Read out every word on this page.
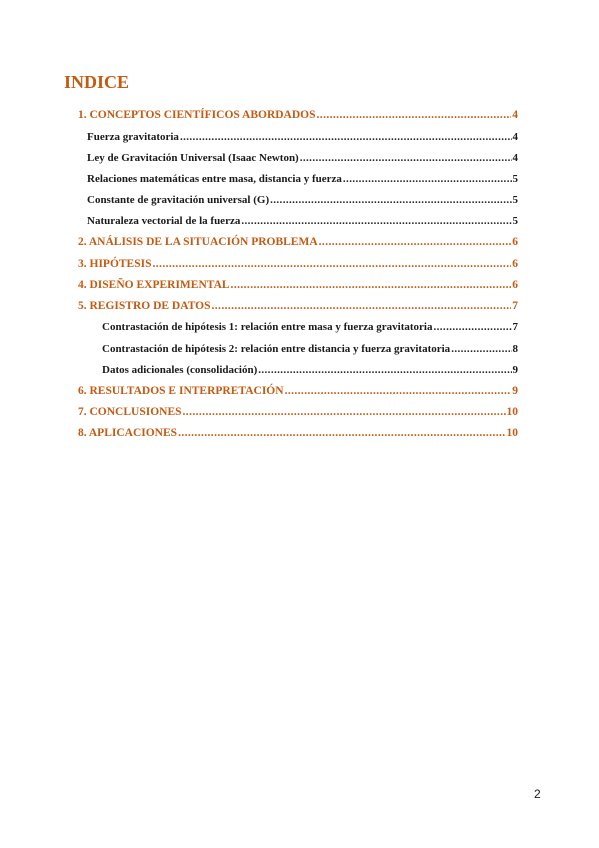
INDICE
1. CONCEPTOS CIENTÍFICOS ABORDADOS .....	4
Fuerza gravitatoria .....	4
Ley de Gravitación Universal (Isaac Newton) .....	4
Relaciones matemáticas entre masa, distancia y fuerza .....	5
Constante de gravitación universal (G) .....	5
Naturaleza vectorial de la fuerza .....	5
2. ANÁLISIS DE LA SITUACIÓN PROBLEMA .....	6
3. HIPÓTESIS .....	6
4. DISEÑO EXPERIMENTAL .....	6
5. REGISTRO DE DATOS .....	7
Contrastación de hipótesis 1: relación entre masa y fuerza gravitatoria .....	7
Contrastación de hipótesis 2: relación entre distancia y fuerza gravitatoria .....	8
Datos adicionales (consolidación) .....	9
6. RESULTADOS E INTERPRETACIÓN .....	9
7. CONCLUSIONES .....	10
8. APLICACIONES .....	10
2
